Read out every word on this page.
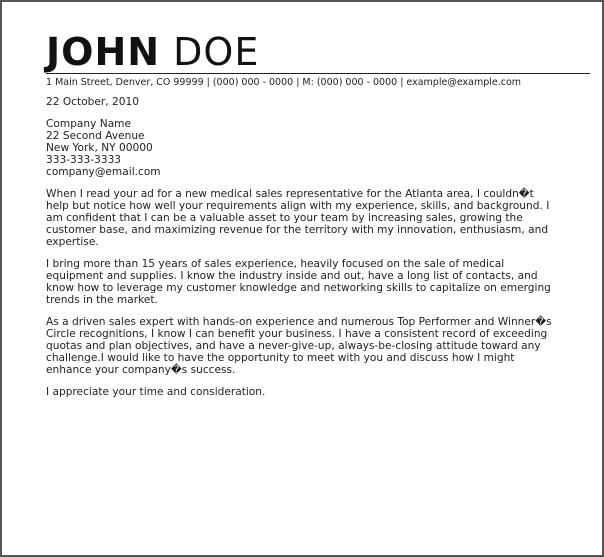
JOHN DOE
1 Main Street, Denver, CO 99999 | (000) 000 - 0000 | M: (000) 000 - 0000 | example@example.com
22 October, 2010
Company Name
22 Second Avenue
New York, NY 00000
333-333-3333
company@email.com
When I read your ad for a new medical sales representative for the Atlanta area, I couldn�t
help but notice how well your requirements align with my experience, skills, and background. I
am confident that I can be a valuable asset to your team by increasing sales, growing the
customer base, and maximizing revenue for the territory with my innovation, enthusiasm, and
expertise.
I bring more than 15 years of sales experience, heavily focused on the sale of medical
equipment and supplies. I know the industry inside and out, have a long list of contacts, and
know how to leverage my customer knowledge and networking skills to capitalize on emerging
trends in the market.
As a driven sales expert with hands-on experience and numerous Top Performer and Winner�s
Circle recognitions, I know I can benefit your business. I have a consistent record of exceeding
quotas and plan objectives, and have a never-give-up, always-be-closing attitude toward any
challenge.I would like to have the opportunity to meet with you and discuss how I might
enhance your company�s success.
I appreciate your time and consideration.
